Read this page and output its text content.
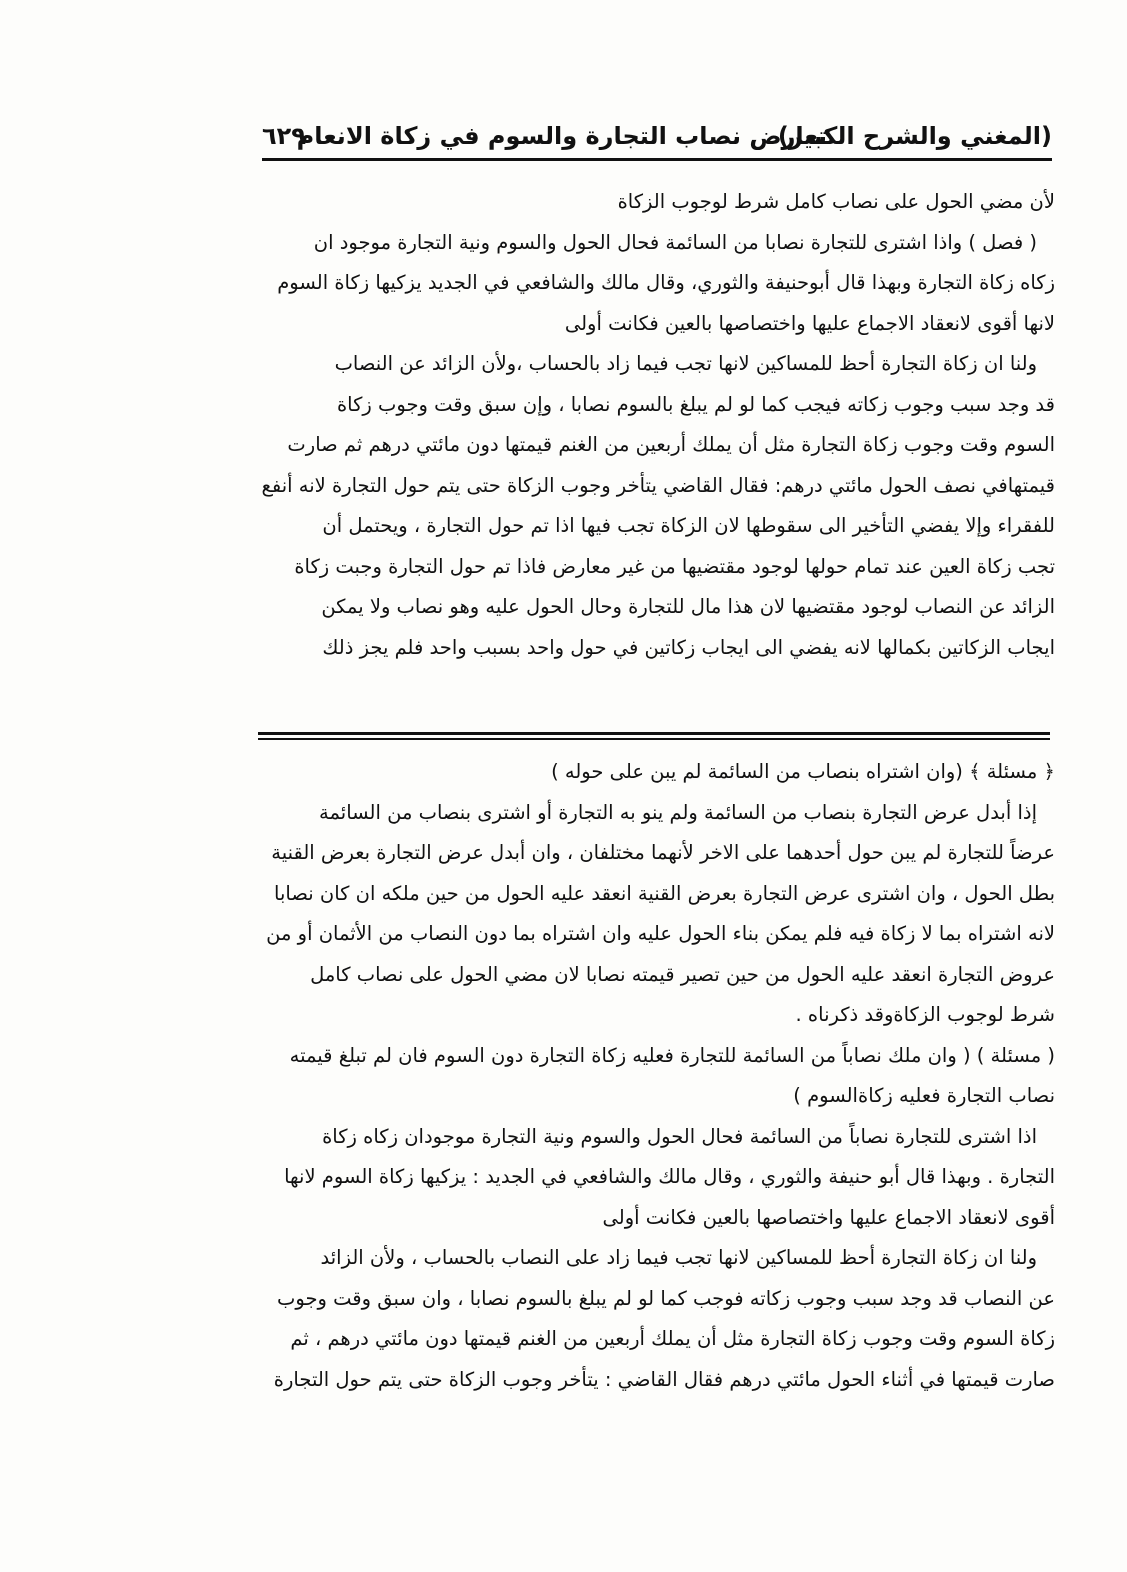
(المغني والشرح الكبير)
تعارض نصاب التجارة والسوم في زكاة الانعام
٦٢٩
لأن مضي الحول على نصاب كامل شرط لوجوب الزكاة
( فصل ) واذا اشترى للتجارة نصابا من السائمة فحال الحول والسوم ونية التجارة موجود ان
زكاه زكاة التجارة وبهذا قال أبوحنيفة والثوري، وقال مالك والشافعي في الجديد يزكيها زكاة السوم
لانها أقوى لانعقاد الاجماع عليها واختصاصها بالعين فكانت أولى
ولنا ان زكاة التجارة أحظ للمساكين لانها تجب فيما زاد بالحساب ،ولأن الزائد عن النصاب
قد وجد سبب وجوب زكاته فيجب كما لو لم يبلغ بالسوم نصابا ، وإن سبق وقت وجوب زكاة
السوم وقت وجوب زكاة التجارة مثل أن يملك أربعين من الغنم قيمتها دون مائتي درهم ثم صارت
قيمتهافي نصف الحول مائتي درهم: فقال القاضي يتأخر وجوب الزكاة حتى يتم حول التجارة لانه أنفع
للفقراء وإلا يفضي التأخير الى سقوطها لان الزكاة تجب فيها اذا تم حول التجارة ، ويحتمل أن
تجب زكاة العين عند تمام حولها لوجود مقتضيها من غير معارض فاذا تم حول التجارة وجبت زكاة
الزائد عن النصاب لوجود مقتضيها لان هذا مال للتجارة وحال الحول عليه وهو نصاب ولا يمكن
ايجاب الزكاتين بكمالها لانه يفضي الى ايجاب زكاتين في حول واحد بسبب واحد فلم يجز ذلك
﴿ مسئلة ﴾ (وان اشتراه بنصاب من السائمة لم يبن على حوله )
إذا أبدل عرض التجارة بنصاب من السائمة ولم ينو به التجارة أو اشترى بنصاب من السائمة
عرضاً للتجارة لم يبن حول أحدهما على الاخر لأنهما مختلفان ، وان أبدل عرض التجارة بعرض القنية
بطل الحول ، وان اشترى عرض التجارة بعرض القنية انعقد عليه الحول من حين ملكه ان كان نصابا
لانه اشتراه بما لا زكاة فيه فلم يمكن بناء الحول عليه وان اشتراه بما دون النصاب من الأثمان أو من
عروض التجارة انعقد عليه الحول من حين تصير قيمته نصابا لان مضي الحول على نصاب كامل
شرط لوجوب الزكاةوقد ذكرناه .
( مسئلة ) ( وان ملك نصاباً من السائمة للتجارة فعليه زكاة التجارة دون السوم فان لم تبلغ قيمته
نصاب التجارة فعليه زكاةالسوم )
اذا اشترى للتجارة نصاباً من السائمة فحال الحول والسوم ونية التجارة موجودان زكاه زكاة
التجارة . وبهذا قال أبو حنيفة والثوري ، وقال مالك والشافعي في الجديد : يزكيها زكاة السوم لانها
أقوى لانعقاد الاجماع عليها واختصاصها بالعين فكانت أولى
ولنا ان زكاة التجارة أحظ للمساكين لانها تجب فيما زاد على النصاب بالحساب ، ولأن الزائد
عن النصاب قد وجد سبب وجوب زكاته فوجب كما لو لم يبلغ بالسوم نصابا ، وان سبق وقت وجوب
زكاة السوم وقت وجوب زكاة التجارة مثل أن يملك أربعين من الغنم قيمتها دون مائتي درهم ، ثم
صارت قيمتها في أثناء الحول مائتي درهم فقال القاضي : يتأخر وجوب الزكاة حتى يتم حول التجارة
